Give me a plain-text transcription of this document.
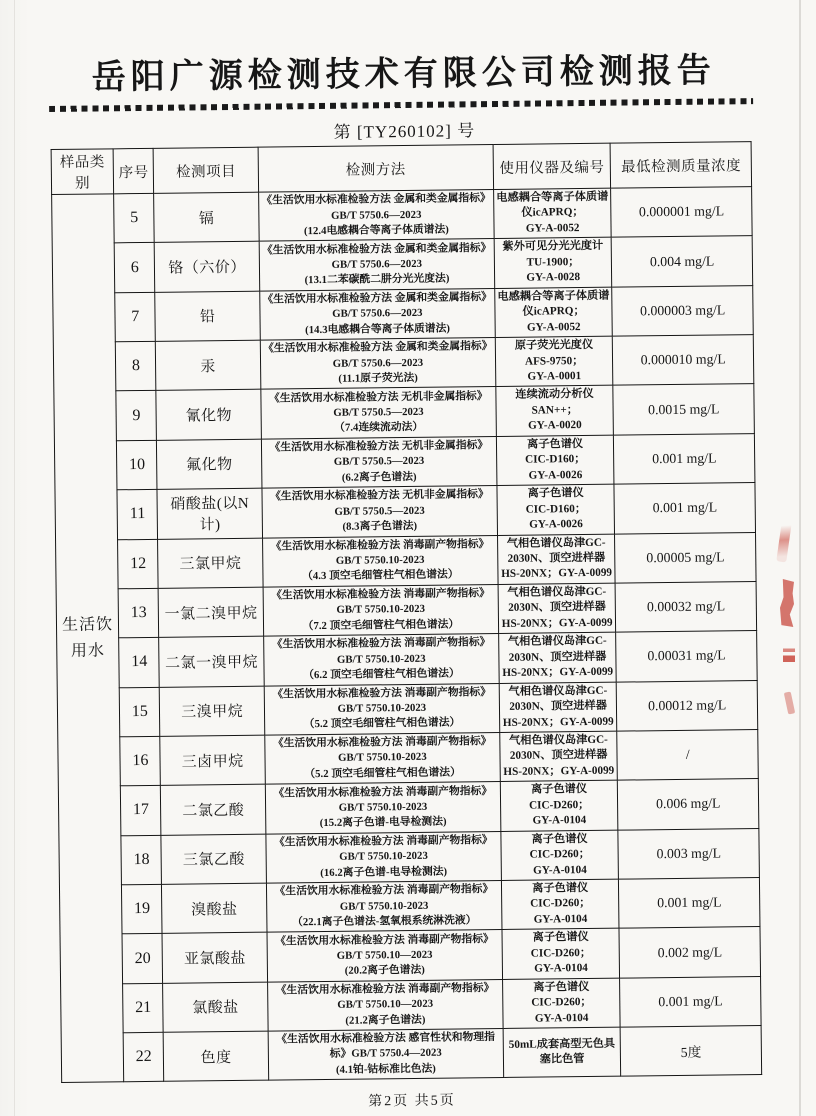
岳阳广源检测技术有限公司检测报告
第 [TY260102] 号
样品类别	序号	检测项目	检测方法	使用仪器及编号	最低检测质量浓度
生活饮用水	5	镉	《生活饮用水标准检验方法 金属和类金属指标》GB/T 5750.6—2023
(12.4电感耦合等离子体质谱法)	电感耦合等离子体质谱仪icAPRQ；
GY-A-0052	0.000001 mg/L
	6	铬（六价）	《生活饮用水标准检验方法 金属和类金属指标》GB/T 5750.6—2023
(13.1二苯碳酰二肼分光光度法)	紫外可见分光光度计
TU-1900；
GY-A-0028	0.004 mg/L
	7	铅	《生活饮用水标准检验方法 金属和类金属指标》GB/T 5750.6—2023
(14.3电感耦合等离子体质谱法)	电感耦合等离子体质谱仪icAPRQ；
GY-A-0052	0.000003 mg/L
	8	汞	《生活饮用水标准检验方法 金属和类金属指标》GB/T 5750.6—2023
(11.1原子荧光法)	原子荧光光度仪
AFS-9750；
GY-A-0001	0.000010 mg/L
	9	氰化物	《生活饮用水标准检验方法 无机非金属指标》GB/T 5750.5—2023
（7.4连续流动法）	连续流动分析仪
SAN++；
GY-A-0020	0.0015 mg/L
	10	氟化物	《生活饮用水标准检验方法 无机非金属指标》GB/T 5750.5—2023
(6.2离子色谱法)	离子色谱仪
CIC-D160；
GY-A-0026	0.001 mg/L
	11	硝酸盐(以N计)	《生活饮用水标准检验方法 无机非金属指标》GB/T 5750.5—2023
(8.3离子色谱法)	离子色谱仪
CIC-D160；
GY-A-0026	0.001 mg/L
	12	三氯甲烷	《生活饮用水标准检验方法 消毒副产物指标》GB/T 5750.10-2023
（4.3 顶空毛细管柱气相色谱法）	气相色谱仪岛津GC-2030N、顶空进样器HS-20NX；GY-A-0099	0.00005 mg/L
	13	一氯二溴甲烷	《生活饮用水标准检验方法 消毒副产物指标》GB/T 5750.10-2023
（7.2 顶空毛细管柱气相色谱法）	气相色谱仪岛津GC-2030N、顶空进样器HS-20NX；GY-A-0099	0.00032 mg/L
	14	二氯一溴甲烷	《生活饮用水标准检验方法 消毒副产物指标》GB/T 5750.10-2023
（6.2 顶空毛细管柱气相色谱法）	气相色谱仪岛津GC-2030N、顶空进样器HS-20NX；GY-A-0099	0.00031 mg/L
	15	三溴甲烷	《生活饮用水标准检验方法 消毒副产物指标》GB/T 5750.10-2023
（5.2 顶空毛细管柱气相色谱法）	气相色谱仪岛津GC-2030N、顶空进样器HS-20NX；GY-A-0099	0.00012 mg/L
	16	三卤甲烷	《生活饮用水标准检验方法 消毒副产物指标》GB/T 5750.10-2023
（5.2 顶空毛细管柱气相色谱法）	气相色谱仪岛津GC-2030N、顶空进样器HS-20NX；GY-A-0099	/
	17	二氯乙酸	《生活饮用水标准检验方法 消毒副产物指标》 GB/T 5750.10-2023
(15.2离子色谱-电导检测法)	离子色谱仪
CIC-D260；
GY-A-0104	0.006 mg/L
	18	三氯乙酸	《生活饮用水标准检验方法 消毒副产物指标》GB/T 5750.10-2023
(16.2离子色谱-电导检测法)	离子色谱仪
CIC-D260；
GY-A-0104	0.003 mg/L
	19	溴酸盐	《生活饮用水标准检验方法 消毒副产物指标》GB/T 5750.10-2023
（22.1离子色谱法-氢氧根系统淋洗液）	离子色谱仪
CIC-D260；
GY-A-0104	0.001 mg/L
	20	亚氯酸盐	《生活饮用水标准检验方法 消毒副产物指标》GB/T 5750.10—2023
(20.2离子色谱法)	离子色谱仪
CIC-D260；
GY-A-0104	0.002 mg/L
	21	氯酸盐	《生活饮用水标准检验方法 消毒副产物指标》GB/T 5750.10—2023
(21.2离子色谱法)	离子色谱仪
CIC-D260；
GY-A-0104	0.001 mg/L
	22	色度	《生活饮用水标准检验方法 感官性状和物理指标》GB/T 5750.4—2023
(4.1铂-钴标准比色法)	50mL成套高型无色具塞比色管	5度
第2页 共5页
